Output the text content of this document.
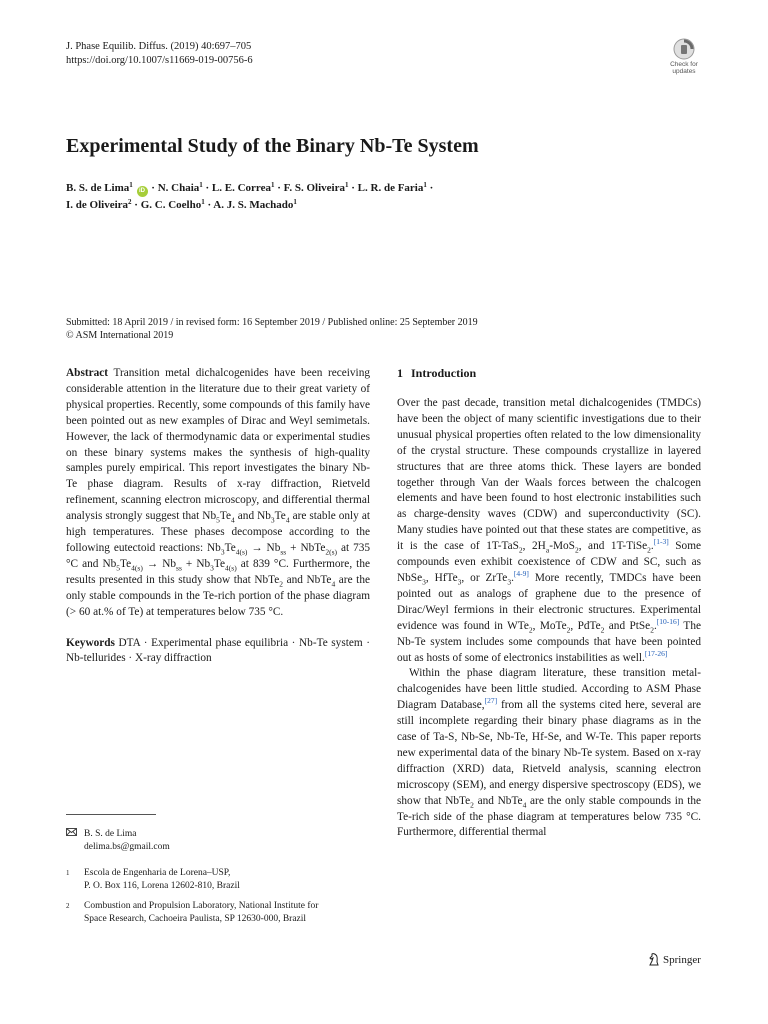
J. Phase Equilib. Diffus. (2019) 40:697–705
https://doi.org/10.1007/s11669-019-00756-6	Check for
updates
Experimental Study of the Binary Nb-Te System
B. S. de Lima$^1$ iD · N. Chaia$^1$ · L. E. Correa$^1$ · F. S. Oliveira$^1$ · L. R. de Faria$^1$ ·
I. de Oliveira$^2$ · G. C. Coelho$^1$ · A. J. S. Machado$^1$
Submitted: 18 April 2019 / in revised form: 16 September 2019 / Published online: 25 September 2019
© ASM International 2019

Abstract Transition metal dichalcogenides have been receiving considerable attention in the literature due to their great variety of physical properties. Recently, some compounds of this family have been pointed out as new examples of Dirac and Weyl semimetals. However, the lack of thermodynamic data or experimental studies on these binary systems makes the synthesis of high-quality samples purely empirical. This report investigates the binary Nb-Te phase diagram. Results of x-ray diffraction, Rietveld refinement, scanning electron microscopy, and differential thermal analysis strongly suggest that $Nb_5Te_4$ and $Nb_3Te_4$ are stable only at high temperatures. These phases decompose according to the following eutectoid reactions: $Nb_3Te_{4(s)} \to Nb_{ss}$ + NbTe$_{2(s)}$ at 735 °C and $Nb_5Te_{4(s)} \to Nb_{ss} + Nb_3Te_{4(s)}$ at 839 °C. Furthermore, the results presented in this study show that NbTe$_2$ and NbTe$_4$ are the only stable compounds in the Te-rich portion of the phase diagram (> 60 at.% of Te) at temperatures below 735 °C.

Keywords DTA · Experimental phase equilibria · Nb-Te system · Nb-tellurides · X-ray diffraction

B. S. de Lima
delima.bs@gmail.com
1 Escola de Engenharia de Lorena–USP,
P. O. Box 116, Lorena 12602-810, Brazil
2 Combustion and Propulsion Laboratory, National Institute for
Space Research, Cachoeira Paulista, SP 12630-000, Brazil
1 Introduction

Over the past decade, transition metal dichalcogenides (TMDCs) have been the object of many scientific investigations due to their unusual physical properties often related to the low dimensionality of the crystal structure. These compounds crystallize in layered structures that are three atoms thick. These layers are bonded together through Van der Waals forces between the chalcogen elements and have been found to host electronic instabilities such as charge-density waves (CDW) and superconductivity (SC). Many studies have pointed out that these states are competitive, as it is the case of 1T-TaS$_2$, $2H_a-MoS_2$, and 1T-TiSe$_2$.[1-3] Some compounds even exhibit coexistence of CDW and SC, such as NbSe$_3$, HfTe$_3$, or ZrTe$_3$.[4-9] More recently, TMDCs have been pointed out as analogs of graphene due to the presence of Dirac/Weyl fermions in their electronic structures. Experimental evidence was found in WTe$_2$, MoTe$_2$, PdTe$_2$ and PtSe$_2$.[10-16] The Nb-Te system includes some compounds that have been pointed out as hosts of some of electronics instabilities as well.[17-26]

Within the phase diagram literature, these transition metal-chalcogenides have been little studied. According to ASM Phase Diagram Database,[27] from all the systems cited here, several are still incomplete regarding their binary phase diagrams as in the case of Ta-S, Nb-Se, Nb-Te, Hf-Se, and W-Te. This paper reports new experimental data of the binary Nb-Te system. Based on x-ray diffraction (XRD) data, Rietveld analysis, scanning electron microscopy (SEM), and energy dispersive spectroscopy (EDS), we show that NbTe$_2$ and NbTe$_4$ are the only stable compounds in the Te-rich side of the phase diagram at temperatures below 735 °C. Furthermore, differential thermal

Springer
